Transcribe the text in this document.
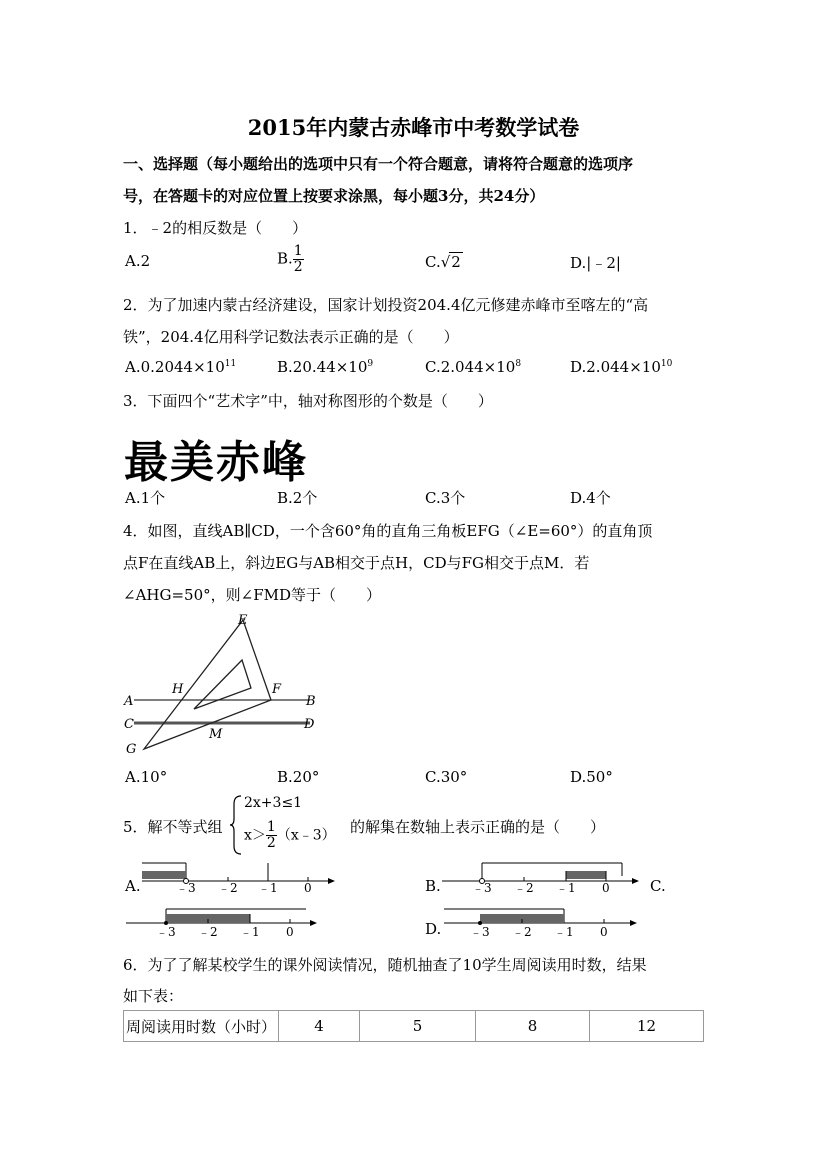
2015年内蒙古赤峰市中考数学试卷
一、选择题（每小题给出的选项中只有一个符合题意，请将符合题意的选项序
号，在答题卡的对应位置上按要求涂黑，每小题3分，共24分）
1．﹣2的相反数是（　　）
A.2	B. $\frac{1}{2}$	C.√2	D.|﹣2|
2．为了加速内蒙古经济建设，国家计划投资204.4亿元修建赤峰市至喀左的“高
铁”，204.4亿用科学记数法表示正确的是（　　）
$A.0.2044\times 10^{11}$	$B.20.44\times 10^9$	$C.2.044\times 10^8$	$D.2.044\times 10^{10}$
3．下面四个“艺术字”中，轴对称图形的个数是（　　）
最美赤峰
A.1个	B.2个	C.3个	D.4个
4．如图，直线AB∥CD，一个含60°角的直角三角板EFG（∠E=60°）的直角顶
点F在直线AB上，斜边EG与AB相交于点H，CD与FG相交于点M．若
∠AHG=50°，则∠FMD等于（　　）
E
H	F
A	B
C	D
M
G
A.10°	B.20°	C.30°	D.50°
5．解不等式组
2x+3≤1
$x> \frac{1}{2}$ （x﹣3） 的解集在数轴上表示正确的是（　　）
A.	﹣3 ﹣2 ﹣1 0	B.	﹣3 ﹣2 ﹣1 0	C.
﹣3 ﹣2 ﹣1 0	D. ﹣3 ﹣2 ﹣1 0
6．为了了解某校学生的课外阅读情况，随机抽查了10学生周阅读用时数，结果
如下表：
周阅读用时数（小时）	4	5	8	12
